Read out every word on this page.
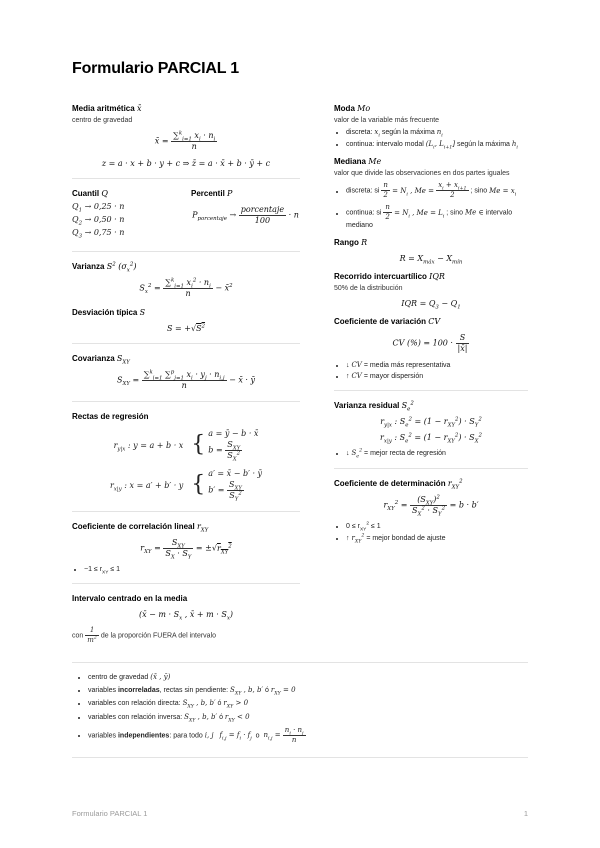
Formulario PARCIAL 1
Media aritmética x̄
centro de gravedad
x̄ = $\frac{\sum^k_{i=1} x_i \cdot n_i}{n}$
z = a · x + b · y + c ⇒ z̄ = a · x̄ + b · ȳ + c
Cuantil Q
$Q_1 \to 0,25 \cdot n$
$Q_2 \to 0,50 \cdot n$
$Q_3 \to 0,75 \cdot n$
Percentil P
$P_{porcentaje} \to \frac{\text{porcentaje}}{100} \cdot n$
Varianza $S^2$ $(\sigma_x^2)$
$S_x^2 = \frac{\sum^k_{i=1} x_i^2 \cdot n_i}{n}$ − x̄$^2$
Desviación típica S
$S = +√S^2$
Covarianza $S_{XY}$
$S_{XY} = \frac{\sum^k_{i=1} \sum^p_{j=1} x_i \cdot y_j \cdot n_{i,j}}{n}$ − x̄ · ȳ
Rectas de regresión
$r_{y|x}$ : y = a + b · x { a = ȳ − b · x̄
$b = \frac{S_{XY}}{S_X^2}$
$r_{x|y}$ : x = a′ + b′ · y { a′ = x̄ − b′ · ȳ
$b' = \frac{S_{XY}}{S_Y^2}$
Coeficiente de correlación lineal $r_{XY}$
$r_{XY} = \frac{S_{XY}}{S_X \cdot S_Y} = \pm√r_{XY}^2$
• $-1 \le r_{XY} \le 1$
Intervalo centrado en la media
(x̄ − $m \cdot S_x$ , x̄ + $m \cdot S_x$)
con $\frac{1}{m^2}$ de la proporción FUERA del intervalo
Moda Mo
valor de la variable más frecuente
• discreta: $x_i$ según la máxima $n_i$
• continua: intervalo modal ($L_i$, $L_{i+1}$] según la máxima $h_i$
Mediana Me
valor que divide las observaciones en dos partes iguales
• discreta: si $\frac{n}{2} = N_i$ , $Me = \frac{x_i + x_{i+1}}{2}$ ; sino $Me = x_i$
• continua: si $\frac{n}{2} = N_i$ , $Me = L_i$ ; sino Me ∈ intervalo mediano
Rango R
$R = X_{máx} - X_{mín}$
Recorrido intercuartílico IQR
50% de la distribución
IQR = $Q_3 - Q_1$
Coeficiente de variación CV
CV (%) = $100 \cdot \frac{S}{|x̄|}$
• ↓ CV = media más representativa
• ↑ CV = mayor dispersión
Varianza residual $S_e^2$
$r_{y|x}$ : $S_e^2 = (1 - r_{XY}^2) \cdot S_Y^2$
$r_{x|y}$ : $S_e^2 = (1 - r_{XY}^2) \cdot S_X^2$
• ↓ $S_e^2$ = mejor recta de regresión
Coeficiente de determinación $r_{XY}^2$
$r_{XY}^2 = \frac{(S_{XY})^2}{S_X^2 \cdot S_Y^2} = b \cdot b'$
• $0 \le r_{XY}^2 \le 1$
• ↑ $r_{XY}^2$ = mejor bondad de ajuste
• centro de gravedad (x̄ , ȳ)
• variables incorreladas, rectas sin pendiente: $S_{XY}$ , b, b′ ó $r_{XY} = 0$
• variables con relación directa: $S_{XY}$ , b, b′ ó $r_{XY} > 0$
• variables con relación inversa: $S_{XY}$ , b, b′ ó $r_{XY} < 0$
• variables independientes: para todo i, j $f_{i,j} = f_i \cdot f_j$  o  $n_{i,j} = \frac{n_i \cdot n_j}{n}$
Formulario PARCIAL 1	1
